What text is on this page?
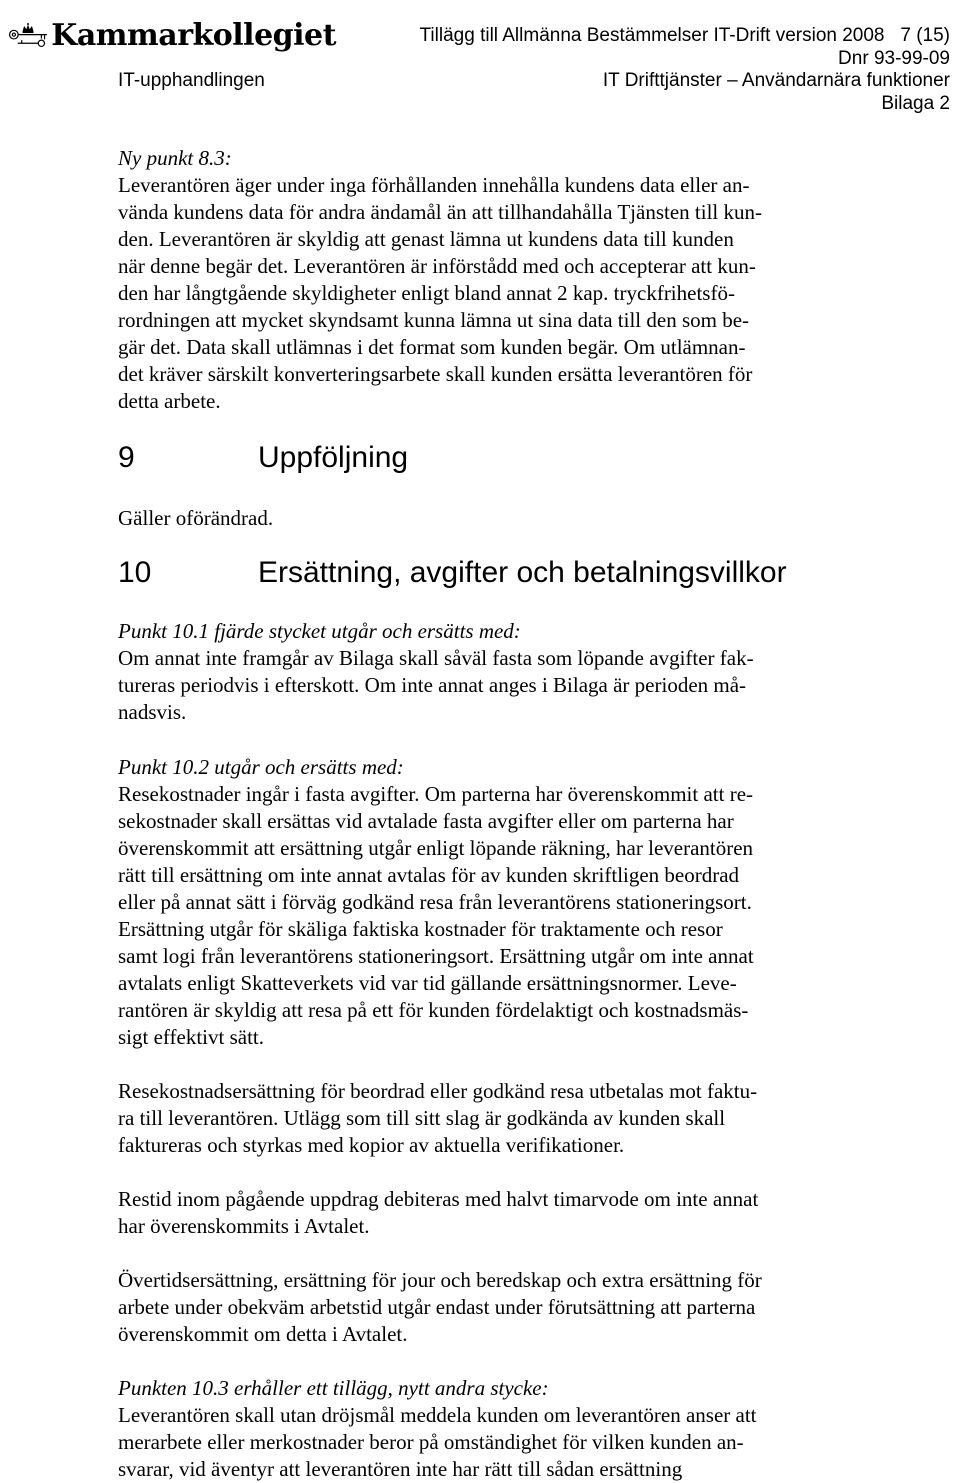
Kammarkollegiet	Tillägg till Allmänna Bestämmelser IT-Drift version 2008 7 (15)
Dnr 93-99-09
IT-upphandlingen	IT Drifttjänster – Användarnära funktioner
Bilaga 2
Ny punkt 8.3:
Leverantören äger under inga förhållanden innehålla kundens data eller an-
vända kundens data för andra ändamål än att tillhandahålla Tjänsten till kun-
den. Leverantören är skyldig att genast lämna ut kundens data till kunden
när denne begär det. Leverantören är införstådd med och accepterar att kun-
den har långtgående skyldigheter enligt bland annat 2 kap. tryckfrihetsfö-
rordningen att mycket skyndsamt kunna lämna ut sina data till den som be-
gär det. Data skall utlämnas i det format som kunden begär. Om utlämnan-
det kräver särskilt konverteringsarbete skall kunden ersätta leverantören för
detta arbete.
9	Uppföljning
Gäller oförändrad.
10	Ersättning, avgifter och betalningsvillkor
Punkt 10.1 fjärde stycket utgår och ersätts med:
Om annat inte framgår av Bilaga skall såväl fasta som löpande avgifter fak-
tureras periodvis i efterskott. Om inte annat anges i Bilaga är perioden må-
nadsvis.
Punkt 10.2 utgår och ersätts med:
Resekostnader ingår i fasta avgifter. Om parterna har överenskommit att re-
sekostnader skall ersättas vid avtalade fasta avgifter eller om parterna har
överenskommit att ersättning utgår enligt löpande räkning, har leverantören
rätt till ersättning om inte annat avtalas för av kunden skriftligen beordrad
eller på annat sätt i förväg godkänd resa från leverantörens stationeringsort.
Ersättning utgår för skäliga faktiska kostnader för traktamente och resor
samt logi från leverantörens stationeringsort. Ersättning utgår om inte annat
avtalats enligt Skatteverkets vid var tid gällande ersättningsnormer. Leve-
rantören är skyldig att resa på ett för kunden fördelaktigt och kostnadsmäs-
sigt effektivt sätt.
Resekostnadsersättning för beordrad eller godkänd resa utbetalas mot faktu-
ra till leverantören. Utlägg som till sitt slag är godkända av kunden skall
faktureras och styrkas med kopior av aktuella verifikationer.
Restid inom pågående uppdrag debiteras med halvt timarvode om inte annat
har överenskommits i Avtalet.
Övertidsersättning, ersättning för jour och beredskap och extra ersättning för
arbete under obekväm arbetstid utgår endast under förutsättning att parterna
överenskommit om detta i Avtalet.
Punkten 10.3 erhåller ett tillägg, nytt andra stycke:
Leverantören skall utan dröjsmål meddela kunden om leverantören anser att
merarbete eller merkostnader beror på omständighet för vilken kunden an-
svarar, vid äventyr att leverantören inte har rätt till sådan ersättning
